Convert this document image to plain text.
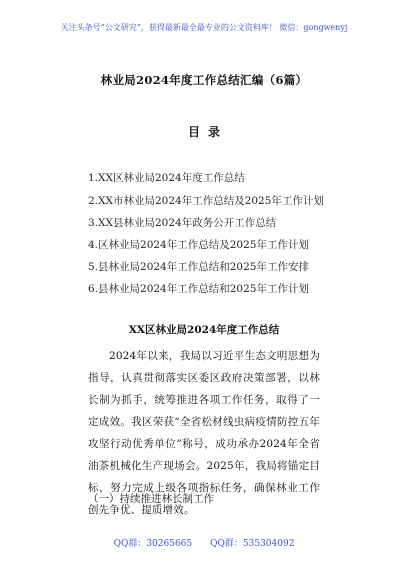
关注头条号“公文研究”，获得最新最全最专业的公文资料库！ 微信：gongwenyj
林业局2024年度工作总结汇编（6篇）
目录
1.XX区林业局2024年度工作总结
2.XX市林业局2024年工作总结及2025年工作计划
3.XX县林业局2024年政务公开工作总结
4.区林业局2024年工作总结及2025年工作计划
5.县林业局2024年工作总结和2025年工作安排
6.县林业局2024年工作总结和2025年工作计划
XX区林业局2024年度工作总结
2024年以来，我局以习近平生态文明思想为指导，认真贯彻落实区委区政府决策部署，以林长制为抓手，统筹推进各项工作任务，取得了一定成效。我区荣获“全省松材线虫病疫情防控五年攻坚行动优秀单位”称号，成功承办2024年全省油茶机械化生产现场会。2025年，我局将锚定目标，努力完成上级各项指标任务，确保林业工作创先争优、提质增效。
（一）持续推进林长制工作
QQ群：30265665　　QQ群：535304092
